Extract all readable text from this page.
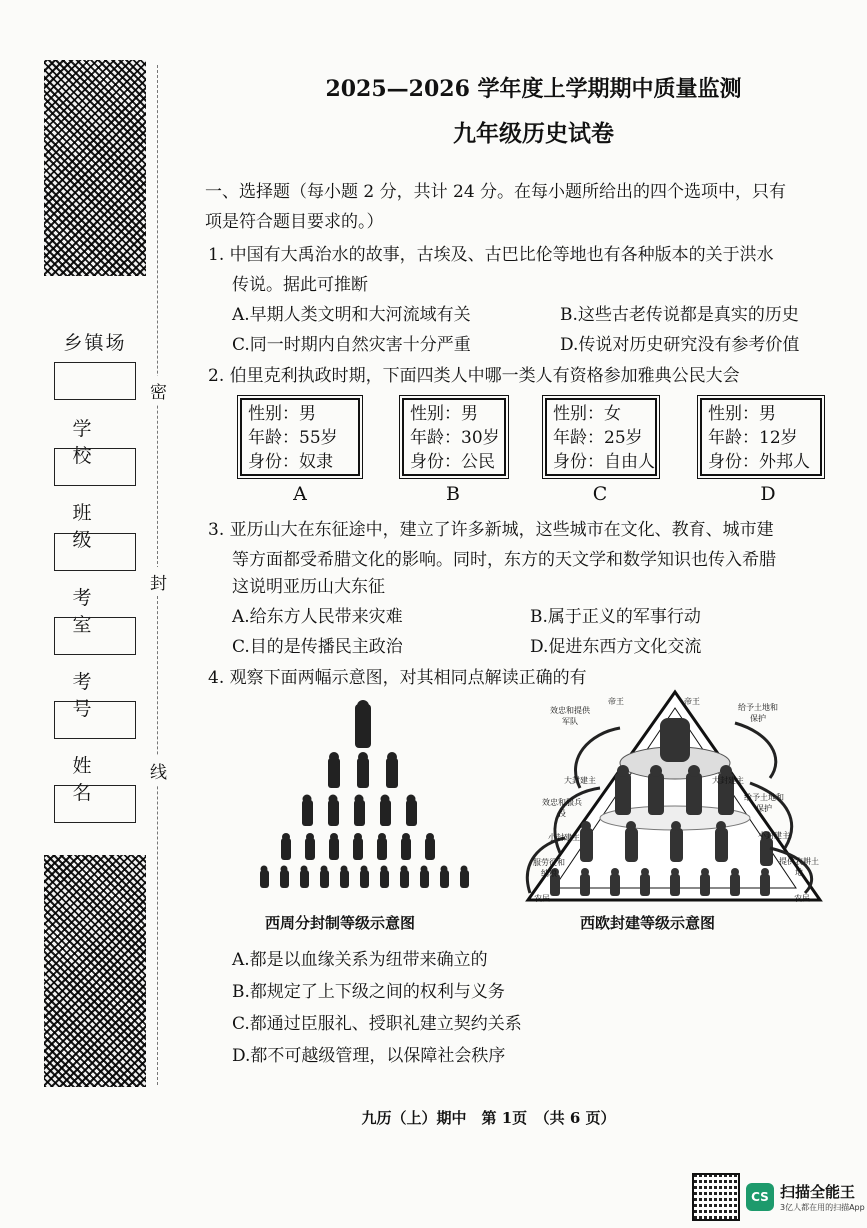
密
封
线
乡镇场
学 校
班 级
考 室
考 号
姓 名
2025—2026 学年度上学期期中质量监测
九年级历史试卷
一、选择题（每小题 2 分，共计 24 分。在每小题所给出的四个选项中，只有
项是符合题目要求的。）
1. 中国有大禹治水的故事，古埃及、古巴比伦等地也有各种版本的关于洪水
传说。据此可推断
A.早期人类文明和大河流域有关	B.这些古老传说都是真实的历史
C.同一时期内自然灾害十分严重	D.传说对历史研究没有参考价值
2. 伯里克利执政时期，下面四类人中哪一类人有资格参加雅典公民大会
性别：男
年龄：55岁
身份：奴隶
性别：男
年龄：30岁
身份：公民
性别：女
年龄：25岁
身份：自由人
性别：男
年龄：12岁
身份：外邦人
A	B	C	D
3. 亚历山大在东征途中，建立了许多新城，这些城市在文化、教育、城市建
等方面都受希腊文化的影响。同时，东方的天文学和数学知识也传入希腊
这说明亚历山大东征
A.给东方人民带来灾难	B.属于正义的军事行动
C.目的是传播民主政治	D.促进东西方文化交流
4. 观察下面两幅示意图，对其相同点解读正确的有
西周分封制等级示意图
效忠和提供军队
帝王	帝王
给予土地和保护
大封建主	大封建主
效忠和服兵役
给予土地和保护
小封建主	小封建主
服劳役和纳粮
提供农耕土地
农民	农民
西欧封建等级示意图
A.都是以血缘关系为纽带来确立的
B.都规定了上下级之间的权利与义务
C.都通过臣服礼、授职礼建立契约关系
D.都不可越级管理，以保障社会秩序
九历（上）期中　第 1页　（共 6 页）
CS 扫描全能王
3亿人都在用的扫描App
